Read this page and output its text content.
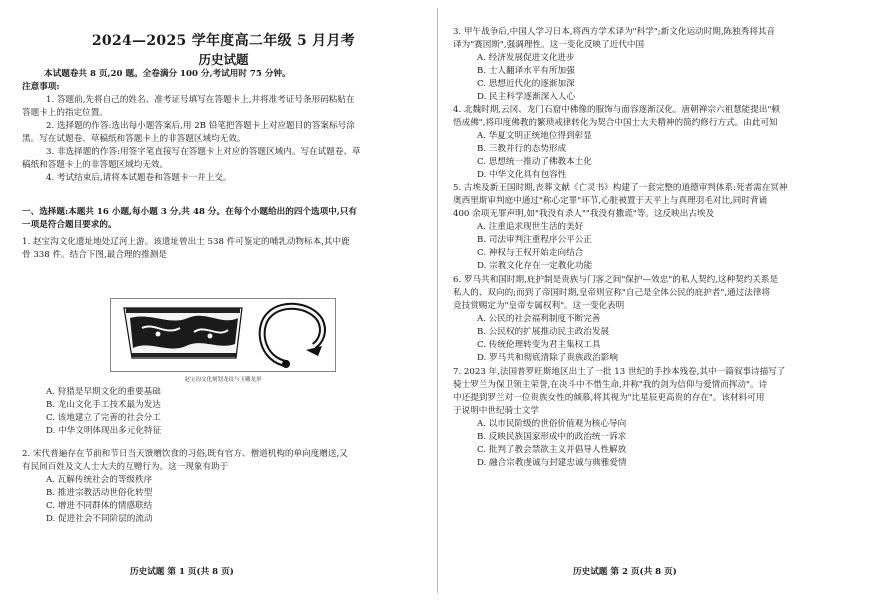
2024—2025 学年度高二年级 5 月月考

历史试题

本试题卷共 8 页,20 题。全卷满分 100 分,考试用时 75 分钟。

注意事项:

1. 答题前,先将自己的姓名、准考证号填写在答题卡上,并将准考证号条形码粘贴在

答题卡上的指定位置。

2. 选择题的作答:选出每小题答案后,用 2B 铅笔把答题卡上对应题目的答案标号涂

黑。写在试题卷、草稿纸和答题卡上的非答题区域均无效。

3. 非选择题的作答:用签字笔直接写在答题卡上对应的答题区域内。写在试题卷、草

稿纸和答题卡上的非答题区域均无效。

4. 考试结束后,请将本试题卷和答题卡一并上交。

一、选择题:本题共 16 小题,每小题 3 分,共 48 分。在每个小题给出的四个选项中,只有

一项是符合题目要求的。

1. 赵宝沟文化遗址地处辽河上游。该遗址曾出土 538 件可鉴定的哺乳动物标本,其中鹿

骨 338 件。结合下图,最合理的推测是

赵宝沟文化刻划龙纹与玉雕龙形

A. 狩猎是早期文化的重要基础

B. 龙山文化手工技术最为发达

C. 该地建立了完善的社会分工

D. 中华文明体现出多元化特征

2. 宋代普遍存在节前和节日当天馈赠饮食的习俗,既有官方、僧道机构的单向度赠送,又

有民间百姓及文人士大夫的互赠行为。这一现象有助于

A. 瓦解传统社会的等级秩序

B. 推进宗教活动世俗化转型

C. 增进不同群体的情感联结

D. 促进社会不同阶层的流动

历史试题 第 1 页(共 8 页)

3. 甲午战争后,中国人学习日本,将西方学术译为"科学";新文化运动时期,陈独秀将其音

译为"赛因斯",强调理性。这一变化反映了近代中国

A. 经济发展促进文化进步

B. 士人翻译水平有所加强

C. 思想近代化的逐渐加深

D. 民主科学逐渐深入人心

4. 北魏时期,云冈、龙门石窟中佛像的服饰与面容逐渐汉化。唐朝禅宗六祖慧能提出"顿

悟成佛",将印度佛教的繁琐戒律转化为契合中国士大夫精神的简约修行方式。由此可知

A. 华夏文明正统地位得到彰显

B. 三教并行的态势形成

C. 思想统一推动了佛教本土化

D. 中华文化具有包容性

5. 古埃及新王国时期,丧葬文献《亡灵书》构建了一套完整的道德审判体系:死者需在冥神

奥西里斯审判庭中通过"称心定罪"环节,心脏被置于天平上与真理羽毛对比,同时背诵

400 余项无罪声明,如"我没有杀人""我没有撒谎"等。这反映出古埃及

A. 注重追求现世生活的美好

B. 司法审判注重程序公平公正

C. 神权与王权开始走向结合

D. 宗教文化存在一定教化功能

6. 罗马共和国时期,庇护制是贵族与门客之间"保护—效忠"的私人契约,这种契约关系是

私人的、双向的;而到了帝国时期,皇帝则宣称"自己是全体公民的庇护者",通过法律将

竞技赏赐定为"皇帝专属权利"。这一变化表明

A. 公民的社会福利制度不断完善

B. 公民权的扩展推动民主政治发展

C. 传统伦理转变为君主集权工具

D. 罗马共和彻底清除了贵族政治影响

7. 2023 年,法国普罗旺斯地区出土了一批 13 世纪的手抄本残卷,其中一篇叙事诗描写了

骑士罗兰为保卫领主荣誉,在决斗中不惜生命,并称"我的剑为信仰与爱情而挥动"。诗

中还提到罗兰对一位贵族女性的倾慕,将其视为"比星辰更高贵的存在"。该材料可用

于说明中世纪骑士文学

A. 以市民阶级的世俗价值观为核心导向

B. 反映民族国家形成中的政治统一诉求

C. 批判了教会禁欲主义并倡导人性解放

D. 融合宗教虔诚与封建忠诚与典雅爱情

历史试题 第 2 页(共 8 页)
